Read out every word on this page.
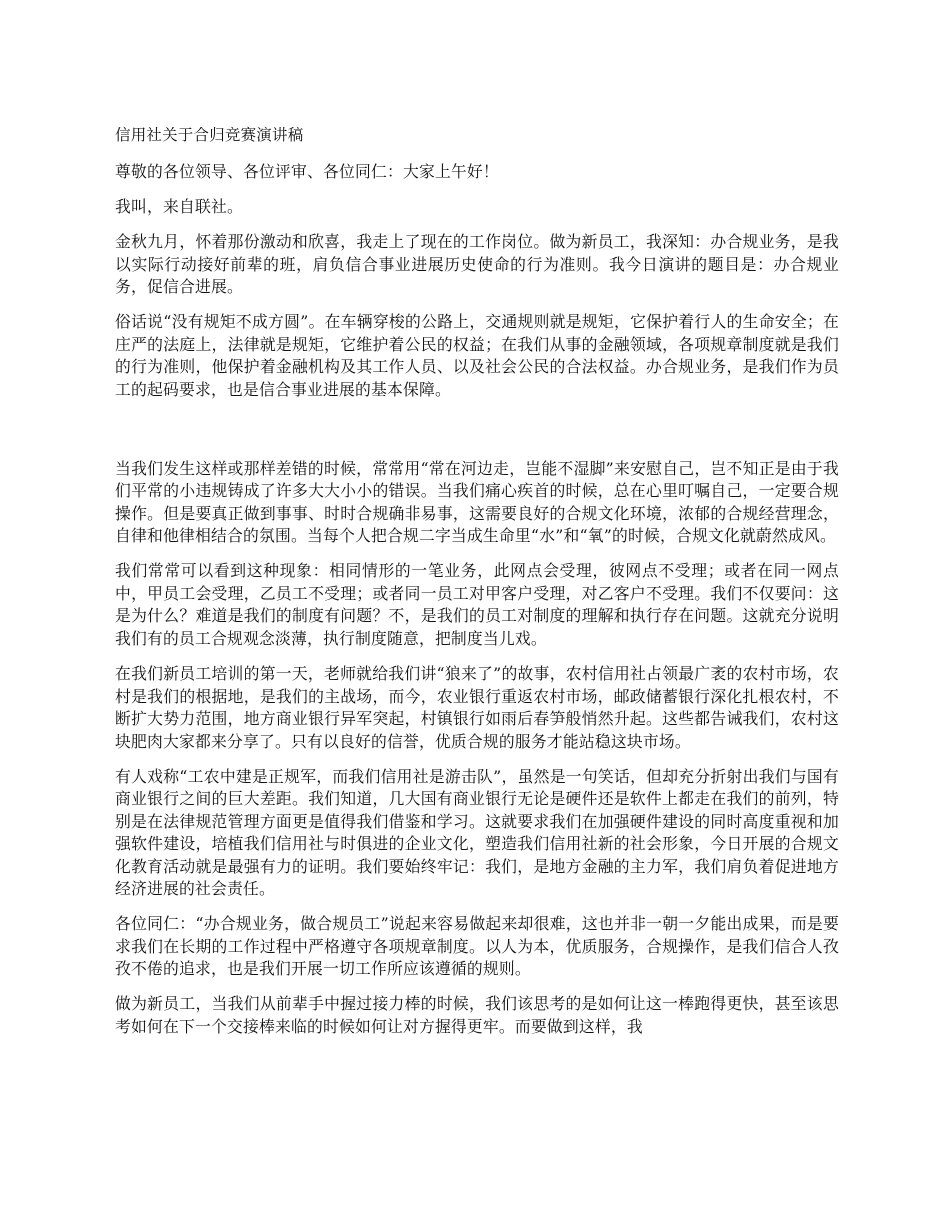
信用社关于合归竞赛演讲稿

尊敬的各位领导、各位评审、各位同仁：大家上午好！

我叫，来自联社。

金秋九月，怀着那份激动和欣喜，我走上了现在的工作岗位。做为新员工，我深知：办合规业务，是我以实际行动接好前辈的班，肩负信合事业进展历史使命的行为准则。我今日演讲的题目是：办合规业务，促信合进展。

俗话说“没有规矩不成方圆”。在车辆穿梭的公路上，交通规则就是规矩，它保护着行人的生命安全；在庄严的法庭上，法律就是规矩，它维护着公民的权益；在我们从事的金融领域，各项规章制度就是我们的行为准则，他保护着金融机构及其工作人员、以及社会公民的合法权益。办合规业务，是我们作为员工的起码要求，也是信合事业进展的基本保障。

当我们发生这样或那样差错的时候，常常用“常在河边走，岂能不湿脚”来安慰自己，岂不知正是由于我们平常的小违规铸成了许多大大小小的错误。当我们痛心疾首的时候，总在心里叮嘱自己，一定要合规操作。但是要真正做到事事、时时合规确非易事，这需要良好的合规文化环境，浓郁的合规经营理念，自律和他律相结合的氛围。当每个人把合规二字当成生命里“水”和“氧”的时候，合规文化就蔚然成风。

我们常常可以看到这种现象：相同情形的一笔业务，此网点会受理，彼网点不受理；或者在同一网点中，甲员工会受理，乙员工不受理；或者同一员工对甲客户受理，对乙客户不受理。我们不仅要问：这是为什么？难道是我们的制度有问题？不，是我们的员工对制度的理解和执行存在问题。这就充分说明我们有的员工合规观念淡薄，执行制度随意，把制度当儿戏。

在我们新员工培训的第一天，老师就给我们讲“狼来了”的故事，农村信用社占领最广袤的农村市场，农村是我们的根据地，是我们的主战场，而今，农业银行重返农村市场，邮政储蓄银行深化扎根农村，不断扩大势力范围，地方商业银行异军突起，村镇银行如雨后春笋般悄然升起。这些都告诫我们，农村这块肥肉大家都来分享了。只有以良好的信誉，优质合规的服务才能站稳这块市场。

有人戏称“工农中建是正规军，而我们信用社是游击队”，虽然是一句笑话，但却充分折射出我们与国有商业银行之间的巨大差距。我们知道，几大国有商业银行无论是硬件还是软件上都走在我们的前列，特别是在法律规范管理方面更是值得我们借鉴和学习。这就要求我们在加强硬件建设的同时高度重视和加强软件建设，培植我们信用社与时俱进的企业文化，塑造我们信用社新的社会形象，今日开展的合规文化教育活动就是最强有力的证明。我们要始终牢记：我们，是地方金融的主力军，我们肩负着促进地方经济进展的社会责任。

各位同仁：“办合规业务，做合规员工”说起来容易做起来却很难，这也并非一朝一夕能出成果，而是要求我们在长期的工作过程中严格遵守各项规章制度。以人为本，优质服务，合规操作，是我们信合人孜孜不倦的追求，也是我们开展一切工作所应该遵循的规则。

做为新员工，当我们从前辈手中握过接力棒的时候，我们该思考的是如何让这一棒跑得更快，甚至该思考如何在下一个交接棒来临的时候如何让对方握得更牢。而要做到这样，我
